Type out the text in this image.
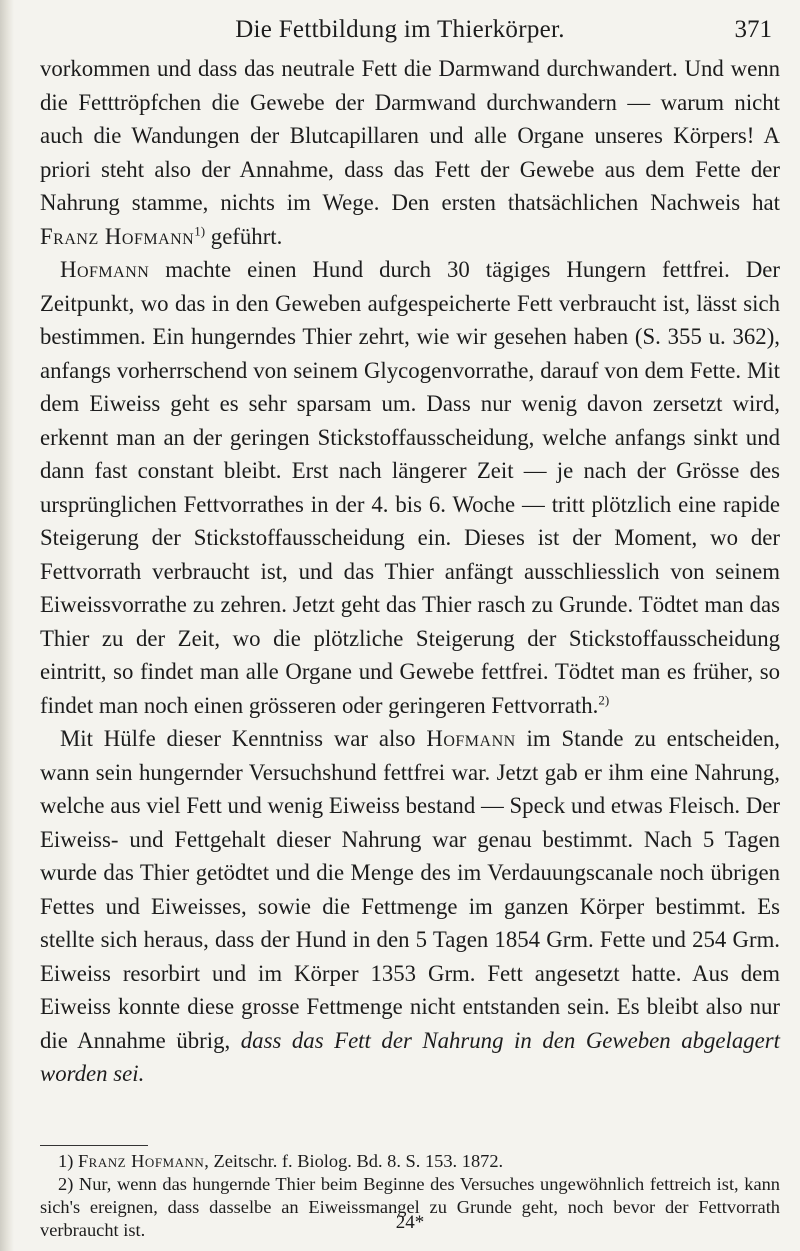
Die Fettbildung im Thierkörper.	371

vorkommen und dass das neutrale Fett die Darmwand durchwandert. Und wenn die Fetttröpfchen die Gewebe der Darmwand durchwandern — warum nicht auch die Wandungen der Blutcapillaren und alle Organe unseres Körpers! A priori steht also der Annahme, dass das Fett der Gewebe aus dem Fette der Nahrung stamme, nichts im Wege. Den ersten thatsächlichen Nachweis hat Franz Hofmann$^{1)}$ geführt.

Hofmann machte einen Hund durch 30 tägiges Hungern fettfrei. Der Zeitpunkt, wo das in den Geweben aufgespeicherte Fett verbraucht ist, lässt sich bestimmen. Ein hungerndes Thier zehrt, wie wir gesehen haben (S. 355 u. 362), anfangs vorherrschend von seinem Glycogenvorrathe, darauf von dem Fette. Mit dem Eiweiss geht es sehr sparsam um. Dass nur wenig davon zersetzt wird, erkennt man an der geringen Stickstoffausscheidung, welche anfangs sinkt und dann fast constant bleibt. Erst nach längerer Zeit — je nach der Grösse des ursprünglichen Fettvorrathes in der 4. bis 6. Woche — tritt plötzlich eine rapide Steigerung der Stickstoffausscheidung ein. Dieses ist der Moment, wo der Fettvorrath verbraucht ist, und das Thier anfängt ausschliesslich von seinem Eiweissvorrathe zu zehren. Jetzt geht das Thier rasch zu Grunde. Tödtet man das Thier zu der Zeit, wo die plötzliche Steigerung der Stickstoffausscheidung eintritt, so findet man alle Organe und Gewebe fettfrei. Tödtet man es früher, so findet man noch einen grösseren oder geringeren Fettvorrath.$^{2)}$

Mit Hülfe dieser Kenntniss war also Hofmann im Stande zu entscheiden, wann sein hungernder Versuchshund fettfrei war. Jetzt gab er ihm eine Nahrung, welche aus viel Fett und wenig Eiweiss bestand — Speck und etwas Fleisch. Der Eiweiss- und Fettgehalt dieser Nahrung war genau bestimmt. Nach 5 Tagen wurde das Thier getödtet und die Menge des im Verdauungscanale noch übrigen Fettes und Eiweisses, sowie die Fettmenge im ganzen Körper bestimmt. Es stellte sich heraus, dass der Hund in den 5 Tagen 1854 Grm. Fette und 254 Grm. Eiweiss resorbirt und im Körper 1353 Grm. Fett angesetzt hatte. Aus dem Eiweiss konnte diese grosse Fettmenge nicht entstanden sein. Es bleibt also nur die Annahme übrig, dass das Fett der Nahrung in den Geweben abgelagert worden sei.

1) Franz Hofmann, Zeitschr. f. Biolog. Bd. 8. S. 153. 1872.

2) Nur, wenn das hungernde Thier beim Beginne des Versuches ungewöhnlich fettreich ist, kann sich's ereignen, dass dasselbe an Eiweissmangel zu Grunde geht, noch bevor der Fettvorrath verbraucht ist.	24*
